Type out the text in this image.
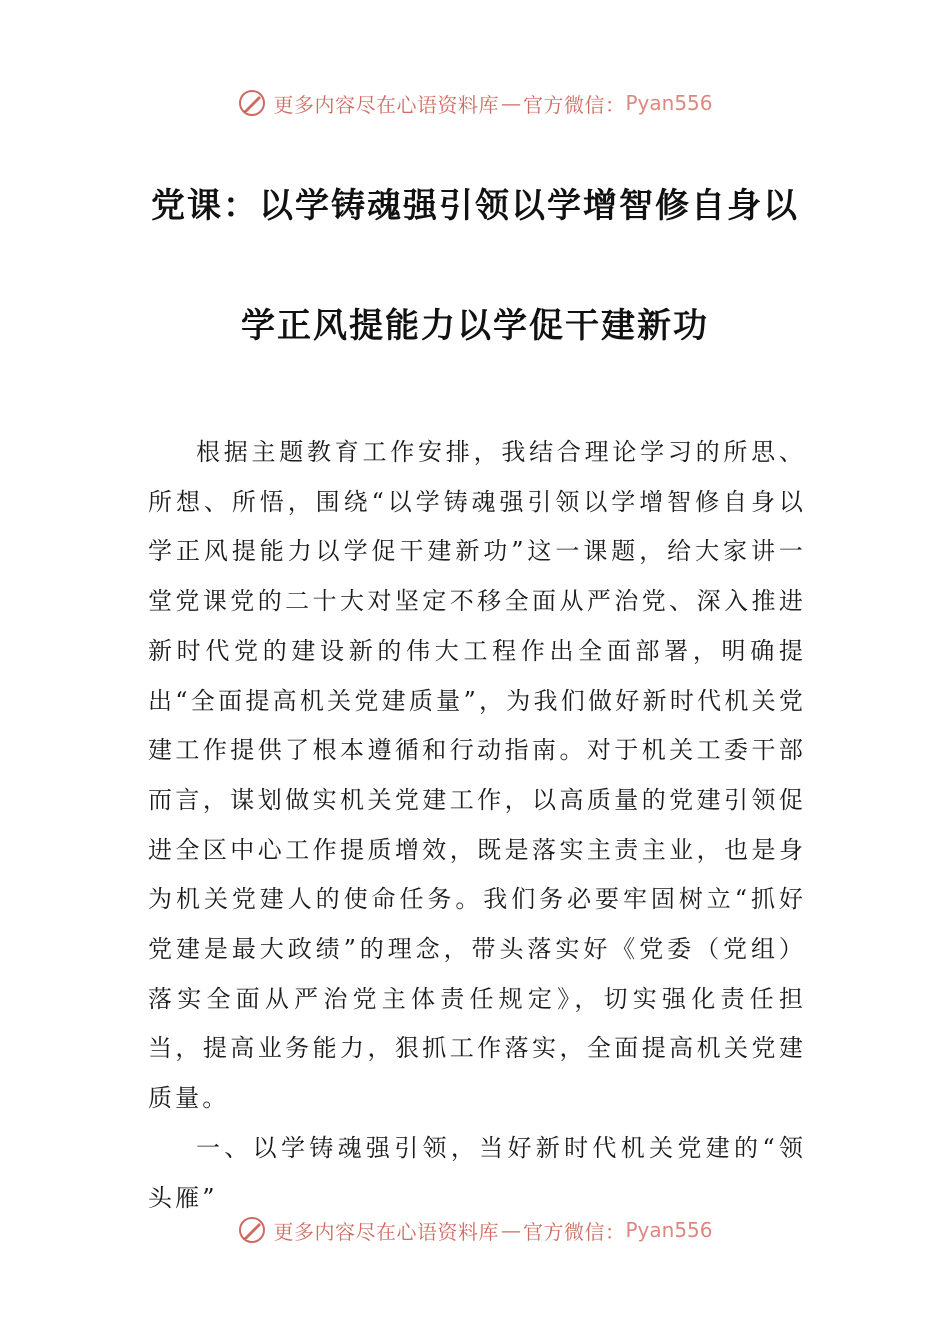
更多内容尽在心语资料库 — 官方微信： Pyan556
党课：以学铸魂强引领以学增智修自身以
学正风提能力以学促干建新功

根据主题教育工作安排，我结合理论学习的所思、所想、所悟，围绕“以学铸魂强引领以学增智修自身以学正风提能力以学促干建新功”这一课题，给大家讲一堂党课党的二十大对坚定不移全面从严治党、深入推进新时代党的建设新的伟大工程作出全面部署，明确提出“全面提高机关党建质量”，为我们做好新时代机关党建工作提供了根本遵循和行动指南。对于机关工委干部而言，谋划做实机关党建工作，以高质量的党建引领促进全区中心工作提质增效，既是落实主责主业，也是身为机关党建人的使命任务。我们务必要牢固树立“抓好党建是最大政绩”的理念，带头落实好《党委（党组）落实全面从严治党主体责任规定》，切实强化责任担当，提高业务能力，狠抓工作落实，全面提高机关党建质量。

一、以学铸魂强引领，当好新时代机关党建的“领头雁”

更多内容尽在心语资料库 — 官方微信： Pyan556
